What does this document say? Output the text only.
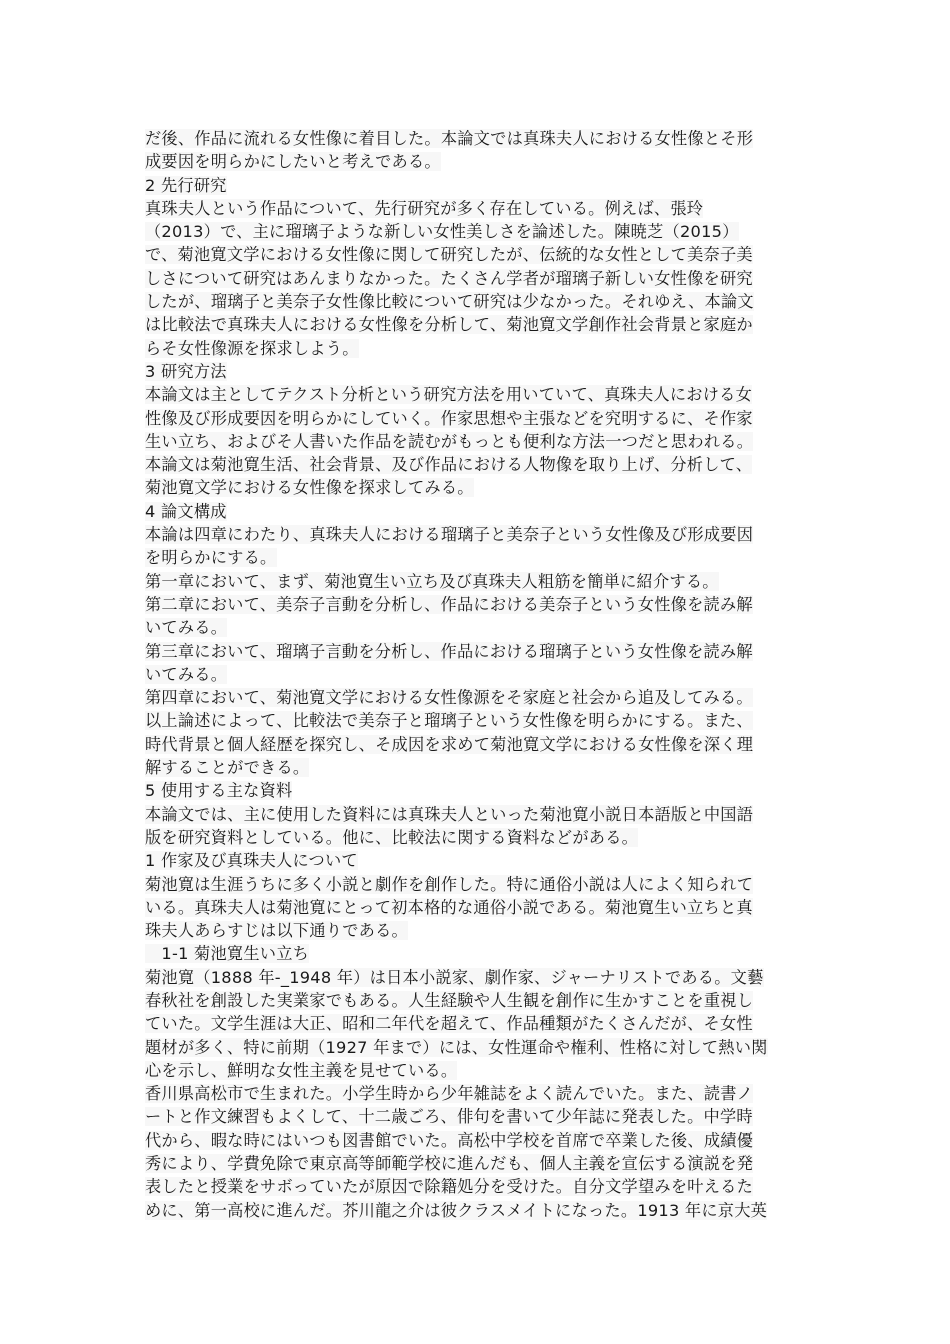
だ後、作品に流れる女性像に着目した。本論文では真珠夫人における女性像とそ形
成要因を明らかにしたいと考えである。
2 先行研究
真珠夫人という作品について、先行研究が多く存在している。例えば、張玲
（2013）で、主に瑠璃子ような新しい女性美しさを論述した。陳暁芝（2015）
で、菊池寛文学における女性像に関して研究したが、伝統的な女性として美奈子美
しさについて研究はあんまりなかった。たくさん学者が瑠璃子新しい女性像を研究
したが、瑠璃子と美奈子女性像比較について研究は少なかった。それゆえ、本論文
は比較法で真珠夫人における女性像を分析して、菊池寛文学創作社会背景と家庭か
らそ女性像源を探求しよう。
3 研究方法
本論文は主としてテクスト分析という研究方法を用いていて、真珠夫人における女
性像及び形成要因を明らかにしていく。作家思想や主張などを究明するに、そ作家
生い立ち、およびそ人書いた作品を読むがもっとも便利な方法一つだと思われる。
本論文は菊池寛生活、社会背景、及び作品における人物像を取り上げ、分析して、
菊池寛文学における女性像を探求してみる。
4 論文構成
本論は四章にわたり、真珠夫人における瑠璃子と美奈子という女性像及び形成要因
を明らかにする。
第一章において、まず、菊池寛生い立ち及び真珠夫人粗筋を簡単に紹介する。
第二章において、美奈子言動を分析し、作品における美奈子という女性像を読み解
いてみる。
第三章において、瑠璃子言動を分析し、作品における瑠璃子という女性像を読み解
いてみる。
第四章において、菊池寛文学における女性像源をそ家庭と社会から追及してみる。
以上論述によって、比較法で美奈子と瑠璃子という女性像を明らかにする。また、
時代背景と個人経歴を探究し、そ成因を求めて菊池寛文学における女性像を深く理
解することができる。
5 使用する主な資料
本論文では、主に使用した資料には真珠夫人といった菊池寛小説日本語版と中国語
版を研究資料としている。他に、比較法に関する資料などがある。
1 作家及び真珠夫人について
菊池寛は生涯うちに多く小説と劇作を創作した。特に通俗小説は人によく知られて
いる。真珠夫人は菊池寛にとって初本格的な通俗小説である。菊池寛生い立ちと真
珠夫人あらすじは以下通りである。
　1-1 菊池寛生い立ち
菊池寛（1888 年-_1948 年）は日本小説家、劇作家、ジャーナリストである。文藝
春秋社を創設した実業家でもある。人生経験や人生観を創作に生かすことを重視し
ていた。文学生涯は大正、昭和二年代を超えて、作品種類がたくさんだが、そ女性
題材が多く、特に前期（1927 年まで）には、女性運命や権利、性格に対して熱い関
心を示し、鮮明な女性主義を見せている。
香川県高松市で生まれた。小学生時から少年雑誌をよく読んでいた。また、読書ノ
ートと作文練習もよくして、十二歳ごろ、俳句を書いて少年誌に発表した。中学時
代から、暇な時にはいつも図書館でいた。高松中学校を首席で卒業した後、成績優
秀により、学費免除で東京高等師範学校に進んだも、個人主義を宣伝する演説を発
表したと授業をサボっていたが原因で除籍処分を受けた。自分文学望みを叶えるた
めに、第一高校に進んだ。芥川龍之介は彼クラスメイトになった。1913 年に京大英
